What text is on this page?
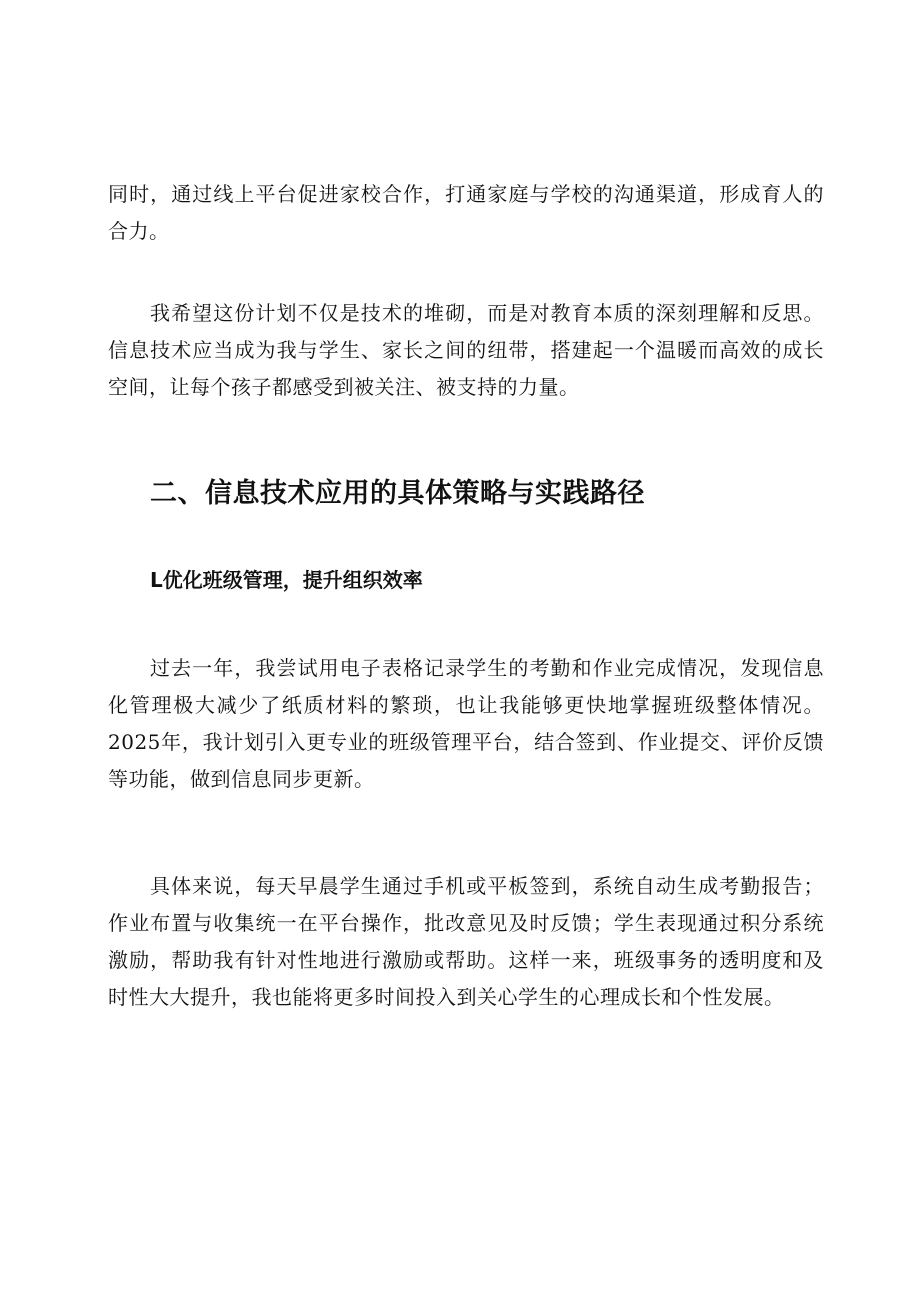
同时，通过线上平台促进家校合作，打通家庭与学校的沟通渠道，形成育人的合力。

我希望这份计划不仅是技术的堆砌，而是对教育本质的深刻理解和反思。信息技术应当成为我与学生、家长之间的纽带，搭建起一个温暖而高效的成长空间，让每个孩子都感受到被关注、被支持的力量。

二、信息技术应用的具体策略与实践路径
L优化班级管理，提升组织效率

过去一年，我尝试用电子表格记录学生的考勤和作业完成情况，发现信息化管理极大减少了纸质材料的繁琐，也让我能够更快地掌握班级整体情况。2025年，我计划引入更专业的班级管理平台，结合签到、作业提交、评价反馈等功能，做到信息同步更新。

具体来说，每天早晨学生通过手机或平板签到，系统自动生成考勤报告；作业布置与收集统一在平台操作，批改意见及时反馈；学生表现通过积分系统激励，帮助我有针对性地进行激励或帮助。这样一来，班级事务的透明度和及时性大大提升，我也能将更多时间投入到关心学生的心理成长和个性发展。
